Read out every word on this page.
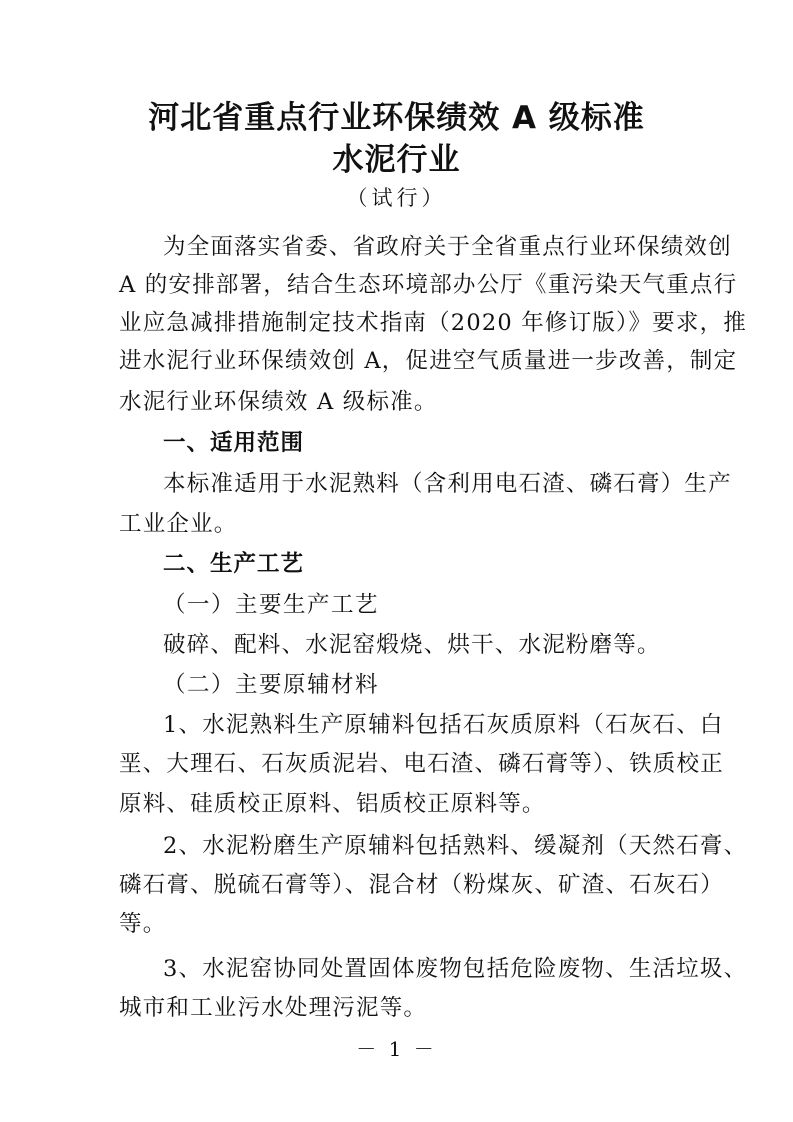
河北省重点行业环保绩效 A 级标准
水泥行业
（试行）
为全面落实省委、省政府关于全省重点行业环保绩效创
A 的安排部署，结合生态环境部办公厅《重污染天气重点行
业应急减排措施制定技术指南（2020 年修订版）》要求，推
进水泥行业环保绩效创 A，促进空气质量进一步改善，制定
水泥行业环保绩效 A 级标准。
一、适用范围
本标准适用于水泥熟料（含利用电石渣、磷石膏）生产
工业企业。
二、生产工艺
（一）主要生产工艺
破碎、配料、水泥窑煅烧、烘干、水泥粉磨等。
（二）主要原辅材料
1、水泥熟料生产原辅料包括石灰质原料（石灰石、白
垩、大理石、石灰质泥岩、电石渣、磷石膏等）、铁质校正
原料、硅质校正原料、铝质校正原料等。
2、水泥粉磨生产原辅料包括熟料、缓凝剂（天然石膏、
磷石膏、脱硫石膏等）、混合材（粉煤灰、矿渣、石灰石）
等。
3、水泥窑协同处置固体废物包括危险废物、生活垃圾、
城市和工业污水处理污泥等。
－ 1 －
